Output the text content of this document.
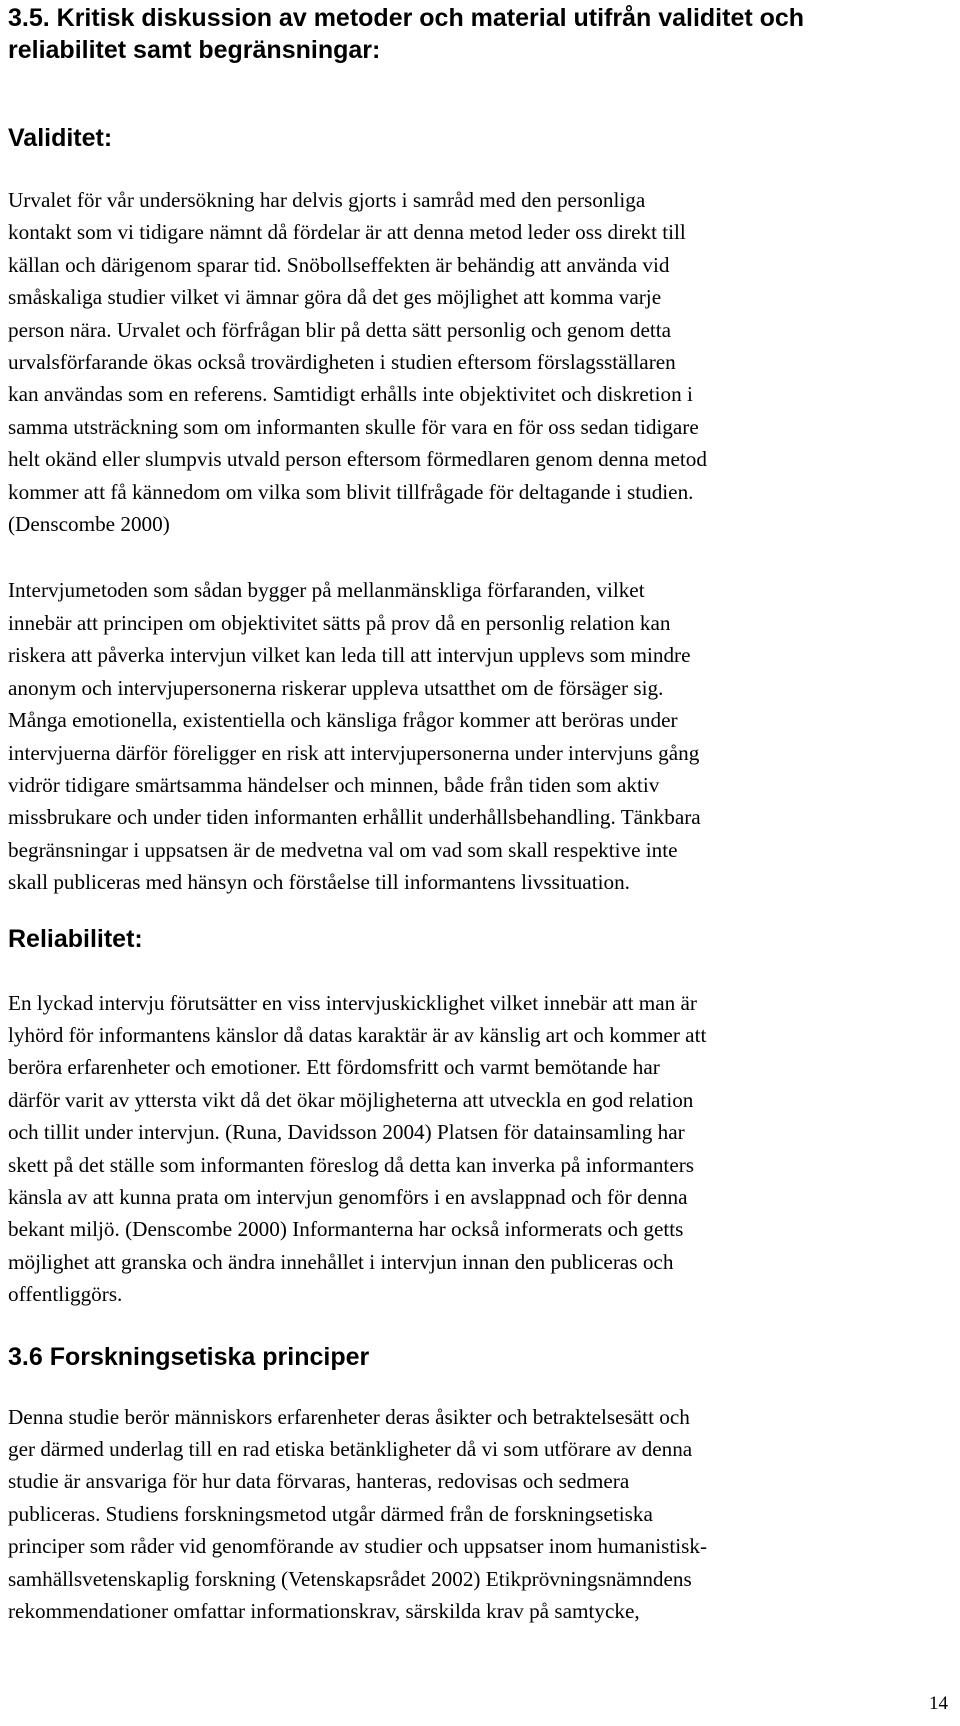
3.5. Kritisk diskussion av metoder och material utifrån validitet och
reliabilitet samt begränsningar:
Validitet:

Urvalet för vår undersökning har delvis gjorts i samråd med den personliga
kontakt som vi tidigare nämnt då fördelar är att denna metod leder oss direkt till
källan och därigenom sparar tid. Snöbollseffekten är behändig att använda vid
småskaliga studier vilket vi ämnar göra då det ges möjlighet att komma varje
person nära. Urvalet och förfrågan blir på detta sätt personlig och genom detta
urvalsförfarande ökas också trovärdigheten i studien eftersom förslagsställaren
kan användas som en referens. Samtidigt erhålls inte objektivitet och diskretion i
samma utsträckning som om informanten skulle för vara en för oss sedan tidigare
helt okänd eller slumpvis utvald person eftersom förmedlaren genom denna metod
kommer att få kännedom om vilka som blivit tillfrågade för deltagande i studien.
(Denscombe 2000)

Intervjumetoden som sådan bygger på mellanmänskliga förfaranden, vilket
innebär att principen om objektivitet sätts på prov då en personlig relation kan
riskera att påverka intervjun vilket kan leda till att intervjun upplevs som mindre
anonym och intervjupersonerna riskerar uppleva utsatthet om de försäger sig.
Många emotionella, existentiella och känsliga frågor kommer att beröras under
intervjuerna därför föreligger en risk att intervjupersonerna under intervjuns gång
vidrör tidigare smärtsamma händelser och minnen, både från tiden som aktiv
missbrukare och under tiden informanten erhållit underhållsbehandling. Tänkbara
begränsningar i uppsatsen är de medvetna val om vad som skall respektive inte
skall publiceras med hänsyn och förståelse till informantens livssituation.

Reliabilitet:

En lyckad intervju förutsätter en viss intervjuskicklighet vilket innebär att man är
lyhörd för informantens känslor då datas karaktär är av känslig art och kommer att
beröra erfarenheter och emotioner. Ett fördomsfritt och varmt bemötande har
därför varit av yttersta vikt då det ökar möjligheterna att utveckla en god relation
och tillit under intervjun. (Runa, Davidsson 2004) Platsen för datainsamling har
skett på det ställe som informanten föreslog då detta kan inverka på informanters
känsla av att kunna prata om intervjun genomförs i en avslappnad och för denna
bekant miljö. (Denscombe 2000) Informanterna har också informerats och getts
möjlighet att granska och ändra innehållet i intervjun innan den publiceras och
offentliggörs.

3.6 Forskningsetiska principer

Denna studie berör människors erfarenheter deras åsikter och betraktelsesätt och
ger därmed underlag till en rad etiska betänkligheter då vi som utförare av denna
studie är ansvariga för hur data förvaras, hanteras, redovisas och sedmera
publiceras. Studiens forskningsmetod utgår därmed från de forskningsetiska
principer som råder vid genomförande av studier och uppsatser inom humanistisk-
samhällsvetenskaplig forskning (Vetenskapsrådet 2002) Etikprövningsnämndens
rekommendationer omfattar informationskrav, särskilda krav på samtycke,

14
